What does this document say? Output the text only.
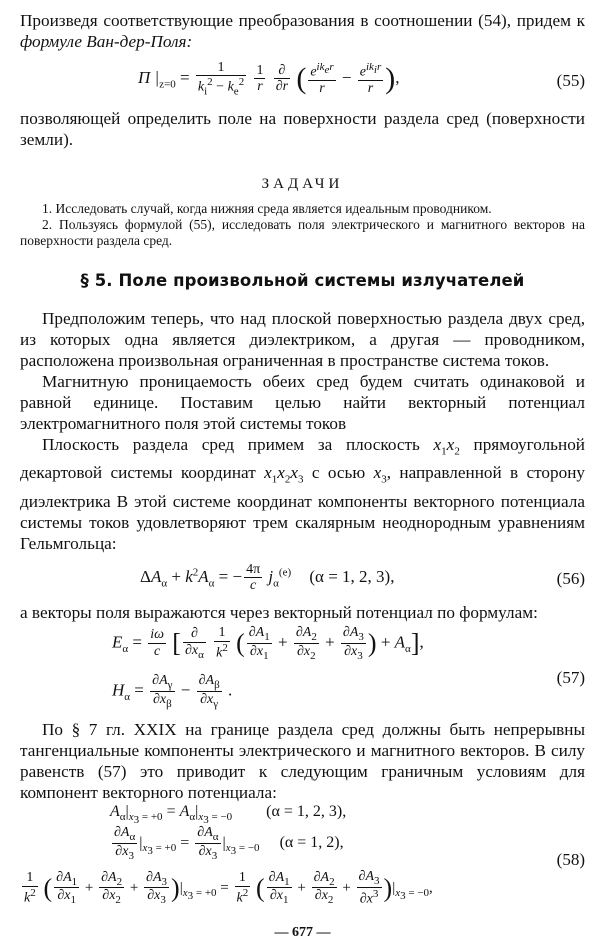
Произведя соответствующие преобразования в соотношении (54), придем к формуле Ван-дер-Поля:

Π $|_{z=0} = \frac{1}{k_i^2 - k_e^2}$
$\frac{1}{r}$
$\frac{\partial}{\partial r}$ ( $\frac{e^{ik_er}}{r} - \frac{e^{ik_ir}}{r}$ ),	(55)

позволяющей определить поле на поверхности раздела сред (поверхности земли).

ЗАДАЧИ

1. Исследовать случай, когда нижняя среда является идеальным проводником.

2. Пользуясь формулой (55), исследовать поля электрического и магнитного векторов на поверхности раздела сред.

§ 5. Поле произвольной системы излучателей

Предположим теперь, что над плоской поверхностью раздела двух сред, из которых одна является диэлектриком, а другая — проводником, расположена произвольная ограниченная в пространстве система токов.

Магнитную проницаемость обеих сред будем считать одинаковой и равной единице. Поставим целью найти векторный потенциал электромагнитного поля этой системы токов

Плоскость раздела сред примем за плоскость $x_1x_2$ прямоугольной декартовой системы координат $x_1x_2x_3$ с осью $x_3$, направленной в сторону диэлектрика В этой системе координат компоненты векторного потенциала системы токов удовлетворяют трем скалярным неоднородным уравнениям Гельмгольца:

$\Delta A_\alpha + k^2A_\alpha$ = − $\frac{4\pi}{c} j_\alpha^{(e)}$ (α = 1, 2, 3),	(56)

а векторы поля выражаются через векторный потенциал по формулам:

$E_\alpha = \frac{i\omega}{c}$ [ $\frac{\partial}{\partial x_\alpha}$
$\frac{1}{k^2}$ ( $\frac{\partial A_1}{\partial x_1} + \frac{\partial A_2}{\partial x_2} + \frac{\partial A_3}{\partial x_3}$ ) + $A_\alpha$],
$H_\alpha = \frac{\partial A_\gamma}{\partial x_\beta} - \frac{\partial A_\beta}{\partial x_\gamma}$ .
(57)

По § 7 гл. XXIX на границе раздела сред должны быть непрерывны тангенциальные компоненты электрического и магнитного векторов. В силу равенств (57) это приводит к следующим граничным условиям для компонент векторного потенциала:

$A_\alpha|_{x_3 = +0} = A_\alpha|_{x_3 = -0}$ (α = 1, 2, 3),
$\frac{\partial A_\alpha}{\partial x_3} |_{x_3 = +0} = \frac{\partial A_\alpha}{\partial x_3} |_{x_3 = -0}$ (α = 1, 2),
$\frac{1}{k^2}$ ( $\frac{\partial A_1}{\partial x_1} + \frac{\partial A_2}{\partial x_2} + \frac{\partial A_3}{\partial x_3} )|_{x_3 = +0} = \frac{1}{k^2}$ ( $\frac{\partial A_1}{\partial x_1} + \frac{\partial A_2}{\partial x_2} + \frac{\partial A_3}{\partial x^3} )|_{x_3 = -0}$,
(58)
— 677 —
